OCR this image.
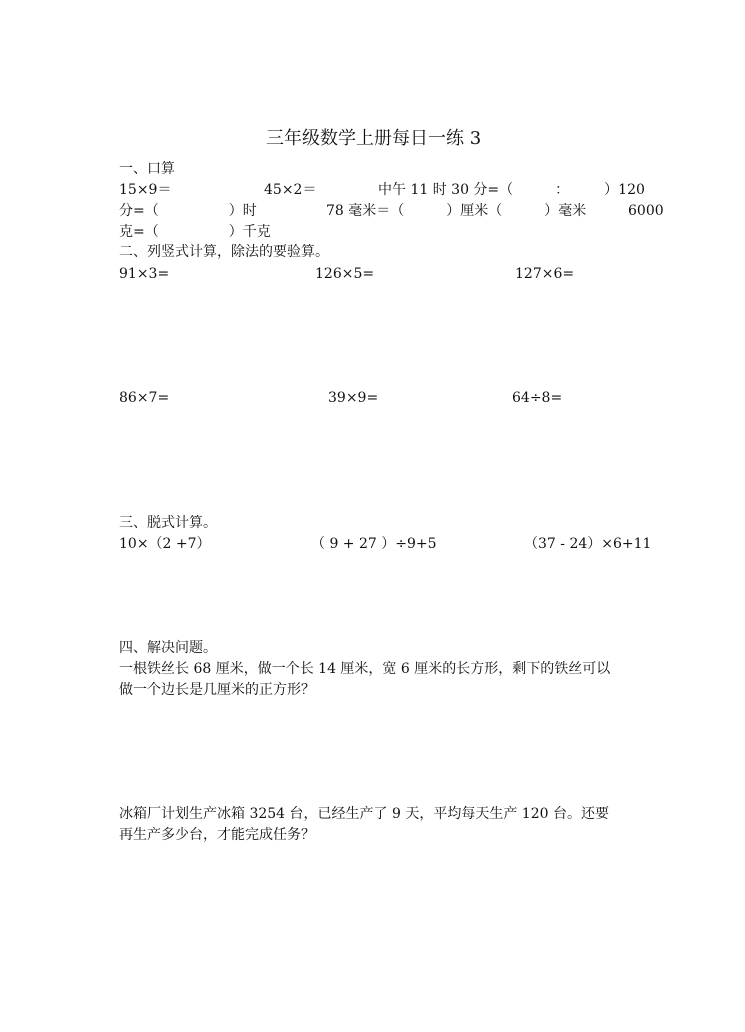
三年级数学上册每日一练 3
一、口算
15×9＝	45×2＝	中午 11 时 30 分=（　　　：　　　）120
分=（　　　　　）时	78 毫米＝（　　　）厘米（　　　）毫米	6000
克=（　　　　　）千克
二、列竖式计算，除法的要验算。
91×3=	126×5=	127×6=
86×7=	39×9=	64÷8=
三、脱式计算。
10×（2 +7）	（ 9 + 27 ）÷9+5	（37 - 24）×6+11
四、解决问题。
一根铁丝长 68 厘米，做一个长 14 厘米，宽 6 厘米的长方形，剩下的铁丝可以
做一个边长是几厘米的正方形？
冰箱厂计划生产冰箱 3254 台，已经生产了 9 天，平均每天生产 120 台。还要
再生产多少台，才能完成任务？
